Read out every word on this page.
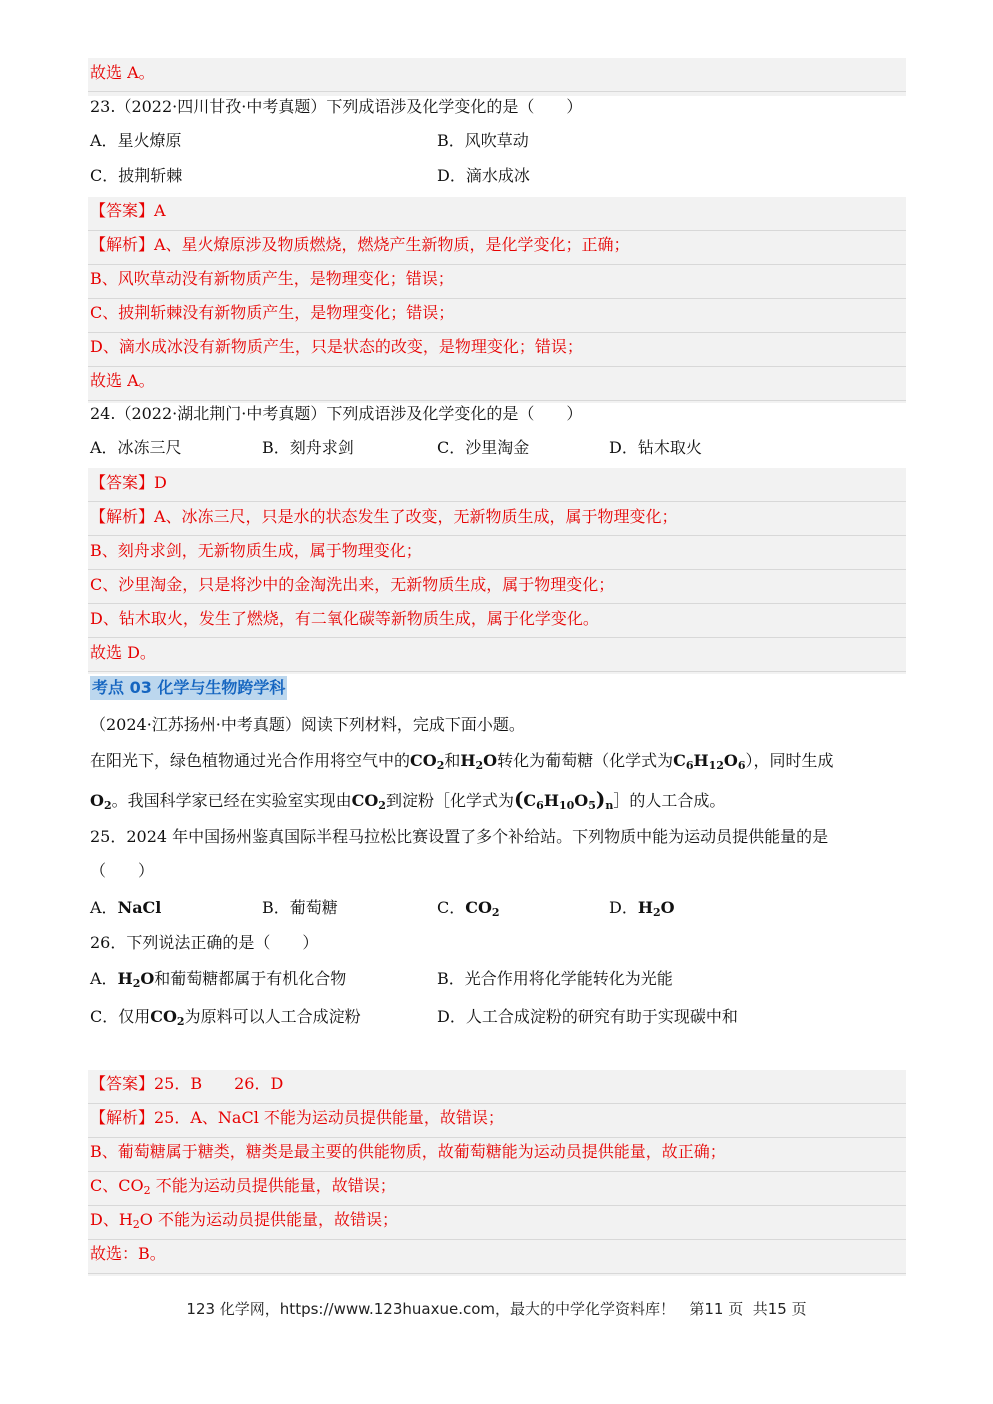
故选 A。
23.（2022·四川甘孜·中考真题）下列成语涉及化学变化的是（　　）
A．星火燎原	B．风吹草动
C．披荆斩棘	D．滴水成冰
【答案】A
【解析】A、星火燎原涉及物质燃烧，燃烧产生新物质，是化学变化；正确；
B、风吹草动没有新物质产生，是物理变化；错误；
C、披荆斩棘没有新物质产生，是物理变化；错误；
D、滴水成冰没有新物质产生，只是状态的改变，是物理变化；错误；
故选 A。
24.（2022·湖北荆门·中考真题）下列成语涉及化学变化的是（　　）
A．冰冻三尺	B．刻舟求剑	C．沙里淘金	D．钻木取火
【答案】D
【解析】A、冰冻三尺，只是水的状态发生了改变，无新物质生成，属于物理变化；
B、刻舟求剑，无新物质生成，属于物理变化；
C、沙里淘金，只是将沙中的金淘洗出来，无新物质生成，属于物理变化；
D、钻木取火，发生了燃烧，有二氧化碳等新物质生成，属于化学变化。
故选 D。
考点 03 化学与生物跨学科
（2024·江苏扬州·中考真题）阅读下列材料，完成下面小题。
在阳光下，绿色植物通过光合作用将空气中的$CO_2$和$H_2O$转化为葡萄糖（化学式为$C_6H_{12}O_6$），同时生成
$O_2$。我国科学家已经在实验室实现由$CO_2$到淀粉［化学式为$(C_6H_{10}O_5)_n]$的人工合成。
25．2024 年中国扬州鉴真国际半程马拉松比赛设置了多个补给站。下列物质中能为运动员提供能量的是
（　　）
A．NaCl	B．葡萄糖	C．$CO_2$	D．$H_2O$
26．下列说法正确的是（　　）
A．$H_2O$和葡萄糖都属于有机化合物	B．光合作用将化学能转化为光能
C．仅用$CO_2$为原料可以人工合成淀粉	D．人工合成淀粉的研究有助于实现碳中和
【答案】25．B　　26．D
【解析】25．A、NaCl 不能为运动员提供能量，故错误；
B、葡萄糖属于糖类，糖类是最主要的供能物质，故葡萄糖能为运动员提供能量，故正确；
C、$CO_2$ 不能为运动员提供能量，故错误；
D、$H_2O$ 不能为运动员提供能量，故错误；
故选：B。
123 化学网，https://www.123huaxue.com，最大的中学化学资料库！ 第11 页  共15 页
